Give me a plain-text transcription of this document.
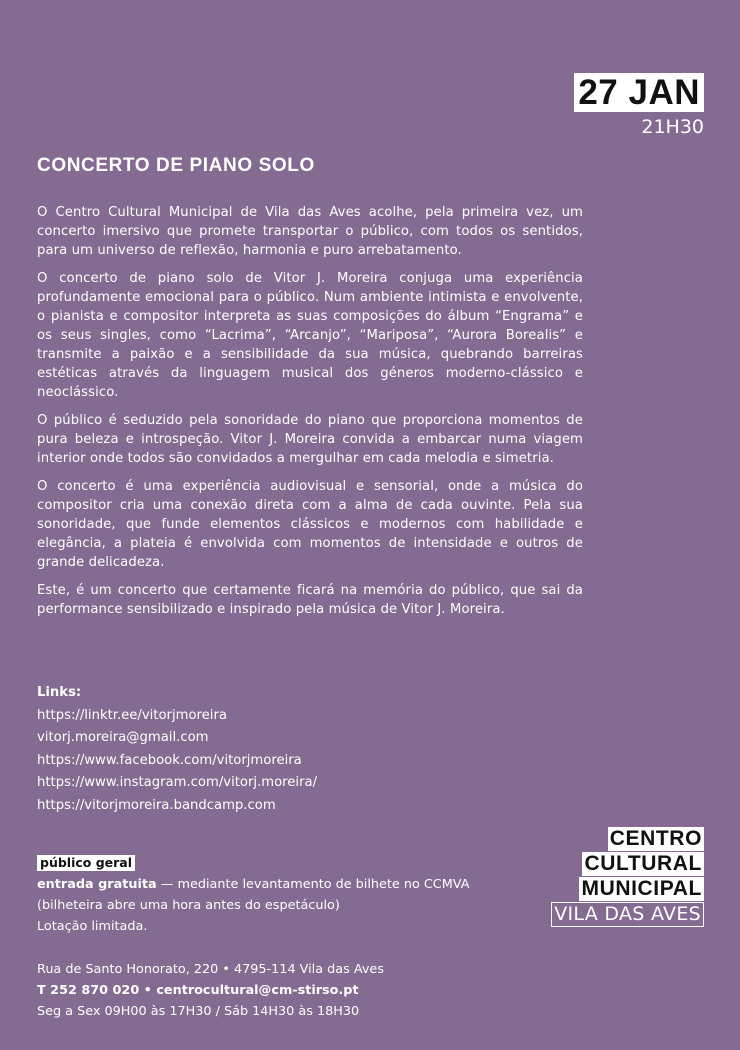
27 JAN
21H30
CONCERTO DE PIANO SOLO

O Centro Cultural Municipal de Vila das Aves acolhe, pela primeira vez, um concerto imersivo que promete transportar o público, com todos os sentidos, para um universo de reflexão, harmonia e puro arrebatamento.

O concerto de piano solo de Vitor J. Moreira conjuga uma experiência profundamente emocional para o público. Num ambiente intimista e envolvente, o pianista e compositor interpreta as suas composições do álbum “Engrama” e os seus singles, como “Lacrima”, “Arcanjo”, “Mariposa”, “Aurora Borealis” e transmite a paixão e a sensibilidade da sua música, quebrando barreiras estéticas através da linguagem musical dos géneros moderno-clássico e neoclássico.

O público é seduzido pela sonoridade do piano que proporciona momentos de pura beleza e introspeção. Vitor J. Moreira convida a embarcar numa viagem interior onde todos são convidados a mergulhar em cada melodia e simetria.

O concerto é uma experiência audiovisual e sensorial, onde a música do compositor cria uma conexão direta com a alma de cada ouvinte. Pela sua sonoridade, que funde elementos clássicos e modernos com habilidade e elegância, a plateia é envolvida com momentos de intensidade e outros de grande delicadeza.

Este, é um concerto que certamente ficará na memória do público, que sai da performance sensibilizado e inspirado pela música de Vitor J. Moreira.

Links:
https://linktr.ee/vitorjmoreira
vitorj.moreira@gmail.com
https://www.facebook.com/vitorjmoreira
https://www.instagram.com/vitorj.moreira/
https://vitorjmoreira.bandcamp.com
público geral
entrada gratuita — mediante levantamento de bilhete no CCMVA
(bilheteira abre uma hora antes do espetáculo)
Lotação limitada.
CENTRO
CULTURAL
MUNICIPAL
VILA DAS AVES
Rua de Santo Honorato, 220 • 4795-114 Vila das Aves
T 252 870 020 • centrocultural@cm-stirso.pt
Seg a Sex 09H00 às 17H30 / Sáb 14H30 às 18H30
